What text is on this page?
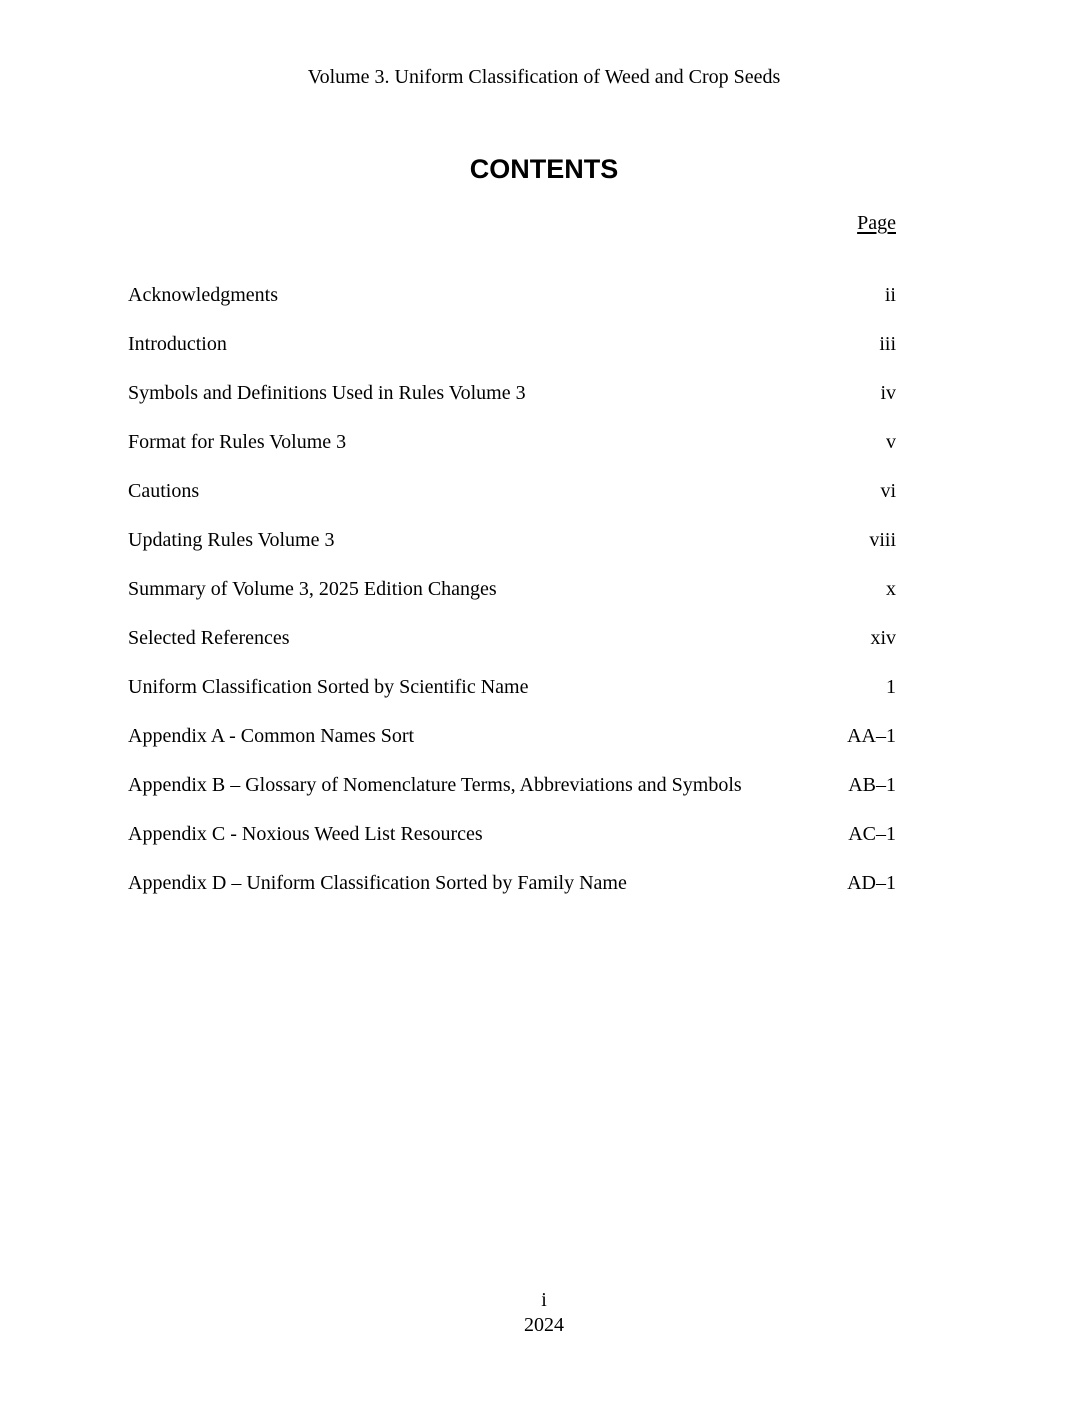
Volume 3. Uniform Classification of Weed and Crop Seeds
CONTENTS
Page
Acknowledgments	ii
Introduction	iii
Symbols and Definitions Used in Rules Volume 3	iv
Format for Rules Volume 3	v
Cautions	vi
Updating Rules Volume 3	viii
Summary of Volume 3, 2025 Edition Changes	x
Selected References	xiv
Uniform Classification Sorted by Scientific Name	1
Appendix A - Common Names Sort	AA–1
Appendix B – Glossary of Nomenclature Terms, Abbreviations and Symbols	AB–1
Appendix C - Noxious Weed List Resources	AC–1
Appendix D – Uniform Classification Sorted by Family Name	AD–1
i
2024
